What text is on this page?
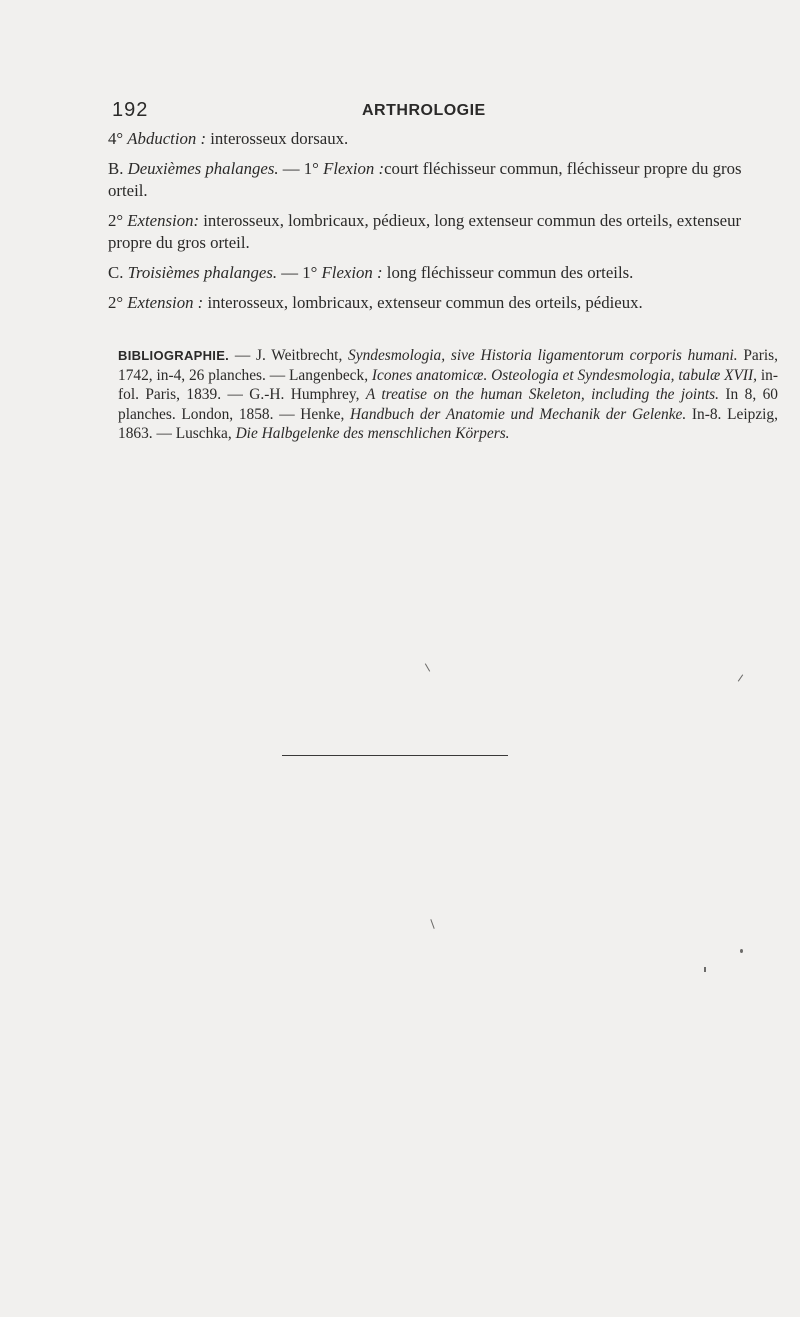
192	ARTHROLOGIE

4° Abduction : interosseux dorsaux.

B. Deuxièmes phalanges. — 1° Flexion :court fléchisseur commun, fléchisseur propre du gros orteil.

2° Extension: interosseux, lombricaux, pédieux, long extenseur commun des orteils, extenseur propre du gros orteil.

C. Troisièmes phalanges. — 1° Flexion : long fléchisseur commun des orteils.

2° Extension : interosseux, lombricaux, extenseur commun des orteils, pédieux.

BIBLIOGRAPHIE. — J. Weitbrecht, Syndesmologia, sive Historia ligamentorum corporis humani. Paris, 1742, in-4, 26 planches. — Langenbeck, Icones anatomicæ. Osteologia et Syndesmologia, tabulæ XVII, in-fol. Paris, 1839. — G.-H. Humphrey, A treatise on the human Skeleton, including the joints. In 8, 60 planches. London, 1858. — Henke, Handbuch der Anatomie und Mechanik der Gelenke. In-8. Leipzig, 1863. — Luschka, Die Halbgelenke des menschlichen Körpers.
